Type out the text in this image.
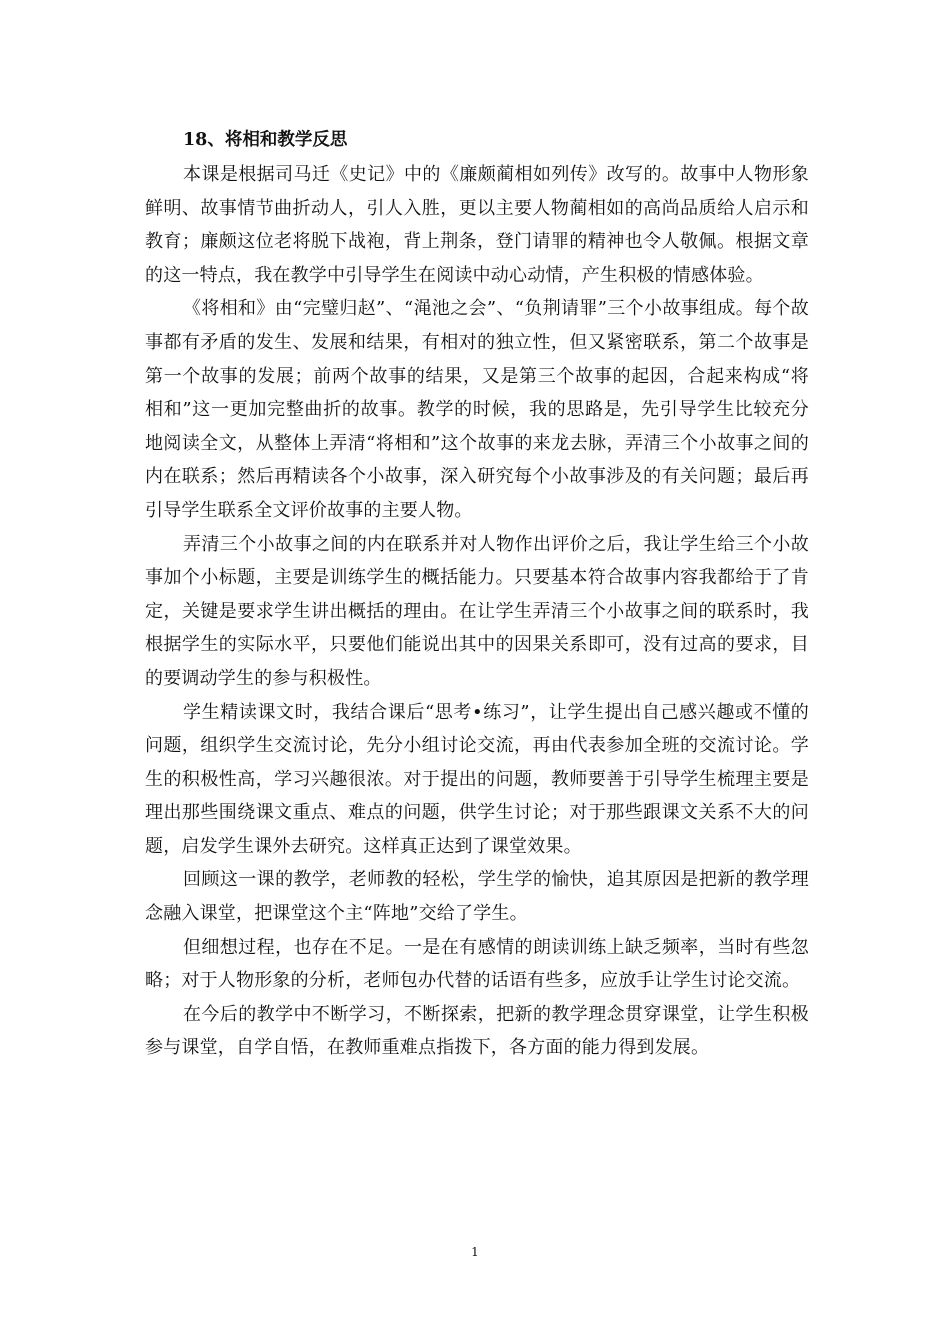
18、将相和教学反思

本课是根据司马迁《史记》中的《廉颇蔺相如列传》改写的。故事中人物形象鲜明、故事情节曲折动人，引人入胜，更以主要人物蔺相如的高尚品质给人启示和教育；廉颇这位老将脱下战袍，背上荆条，登门请罪的精神也令人敬佩。根据文章的这一特点，我在教学中引导学生在阅读中动心动情，产生积极的情感体验。

《将相和》由“完璧归赵”、“渑池之会”、“负荆请罪”三个小故事组成。每个故事都有矛盾的发生、发展和结果，有相对的独立性，但又紧密联系，第二个故事是第一个故事的发展；前两个故事的结果，又是第三个故事的起因，合起来构成“将相和”这一更加完整曲折的故事。教学的时候，我的思路是，先引导学生比较充分地阅读全文，从整体上弄清“将相和”这个故事的来龙去脉，弄清三个小故事之间的内在联系；然后再精读各个小故事，深入研究每个小故事涉及的有关问题；最后再引导学生联系全文评价故事的主要人物。

弄清三个小故事之间的内在联系并对人物作出评价之后，我让学生给三个小故事加个小标题，主要是训练学生的概括能力。只要基本符合故事内容我都给于了肯定，关键是要求学生讲出概括的理由。在让学生弄清三个小故事之间的联系时，我根据学生的实际水平，只要他们能说出其中的因果关系即可，没有过高的要求，目的要调动学生的参与积极性。

学生精读课文时，我结合课后“思考•练习”，让学生提出自己感兴趣或不懂的问题，组织学生交流讨论，先分小组讨论交流，再由代表参加全班的交流讨论。学生的积极性高，学习兴趣很浓。对于提出的问题，教师要善于引导学生梳理主要是理出那些围绕课文重点、难点的问题，供学生讨论；对于那些跟课文关系不大的问题，启发学生课外去研究。这样真正达到了课堂效果。

回顾这一课的教学，老师教的轻松，学生学的愉快，追其原因是把新的教学理念融入课堂，把课堂这个主“阵地”交给了学生。

但细想过程，也存在不足。一是在有感情的朗读训练上缺乏频率，当时有些忽略；对于人物形象的分析，老师包办代替的话语有些多，应放手让学生讨论交流。

在今后的教学中不断学习，不断探索，把新的教学理念贯穿课堂，让学生积极参与课堂，自学自悟，在教师重难点指拨下，各方面的能力得到发展。

1
